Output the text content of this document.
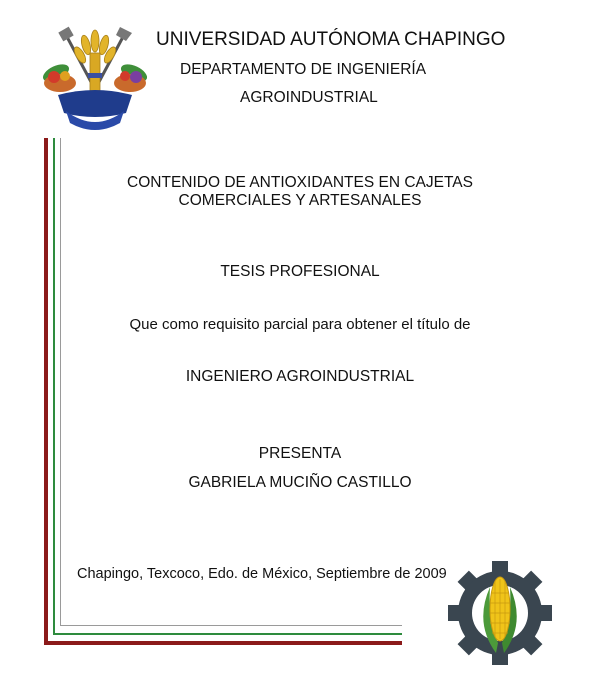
UNIVERSIDAD AUTÓNOMA CHAPINGO
DEPARTAMENTO DE INGENIERÍA
AGROINDUSTRIAL
CONTENIDO DE ANTIOXIDANTES EN CAJETAS
COMERCIALES Y ARTESANALES
TESIS PROFESIONAL
Que como requisito parcial para obtener el título de
INGENIERO AGROINDUSTRIAL
PRESENTA
GABRIELA MUCIÑO CASTILLO
Chapingo, Texcoco, Edo. de México, Septiembre de 2009
